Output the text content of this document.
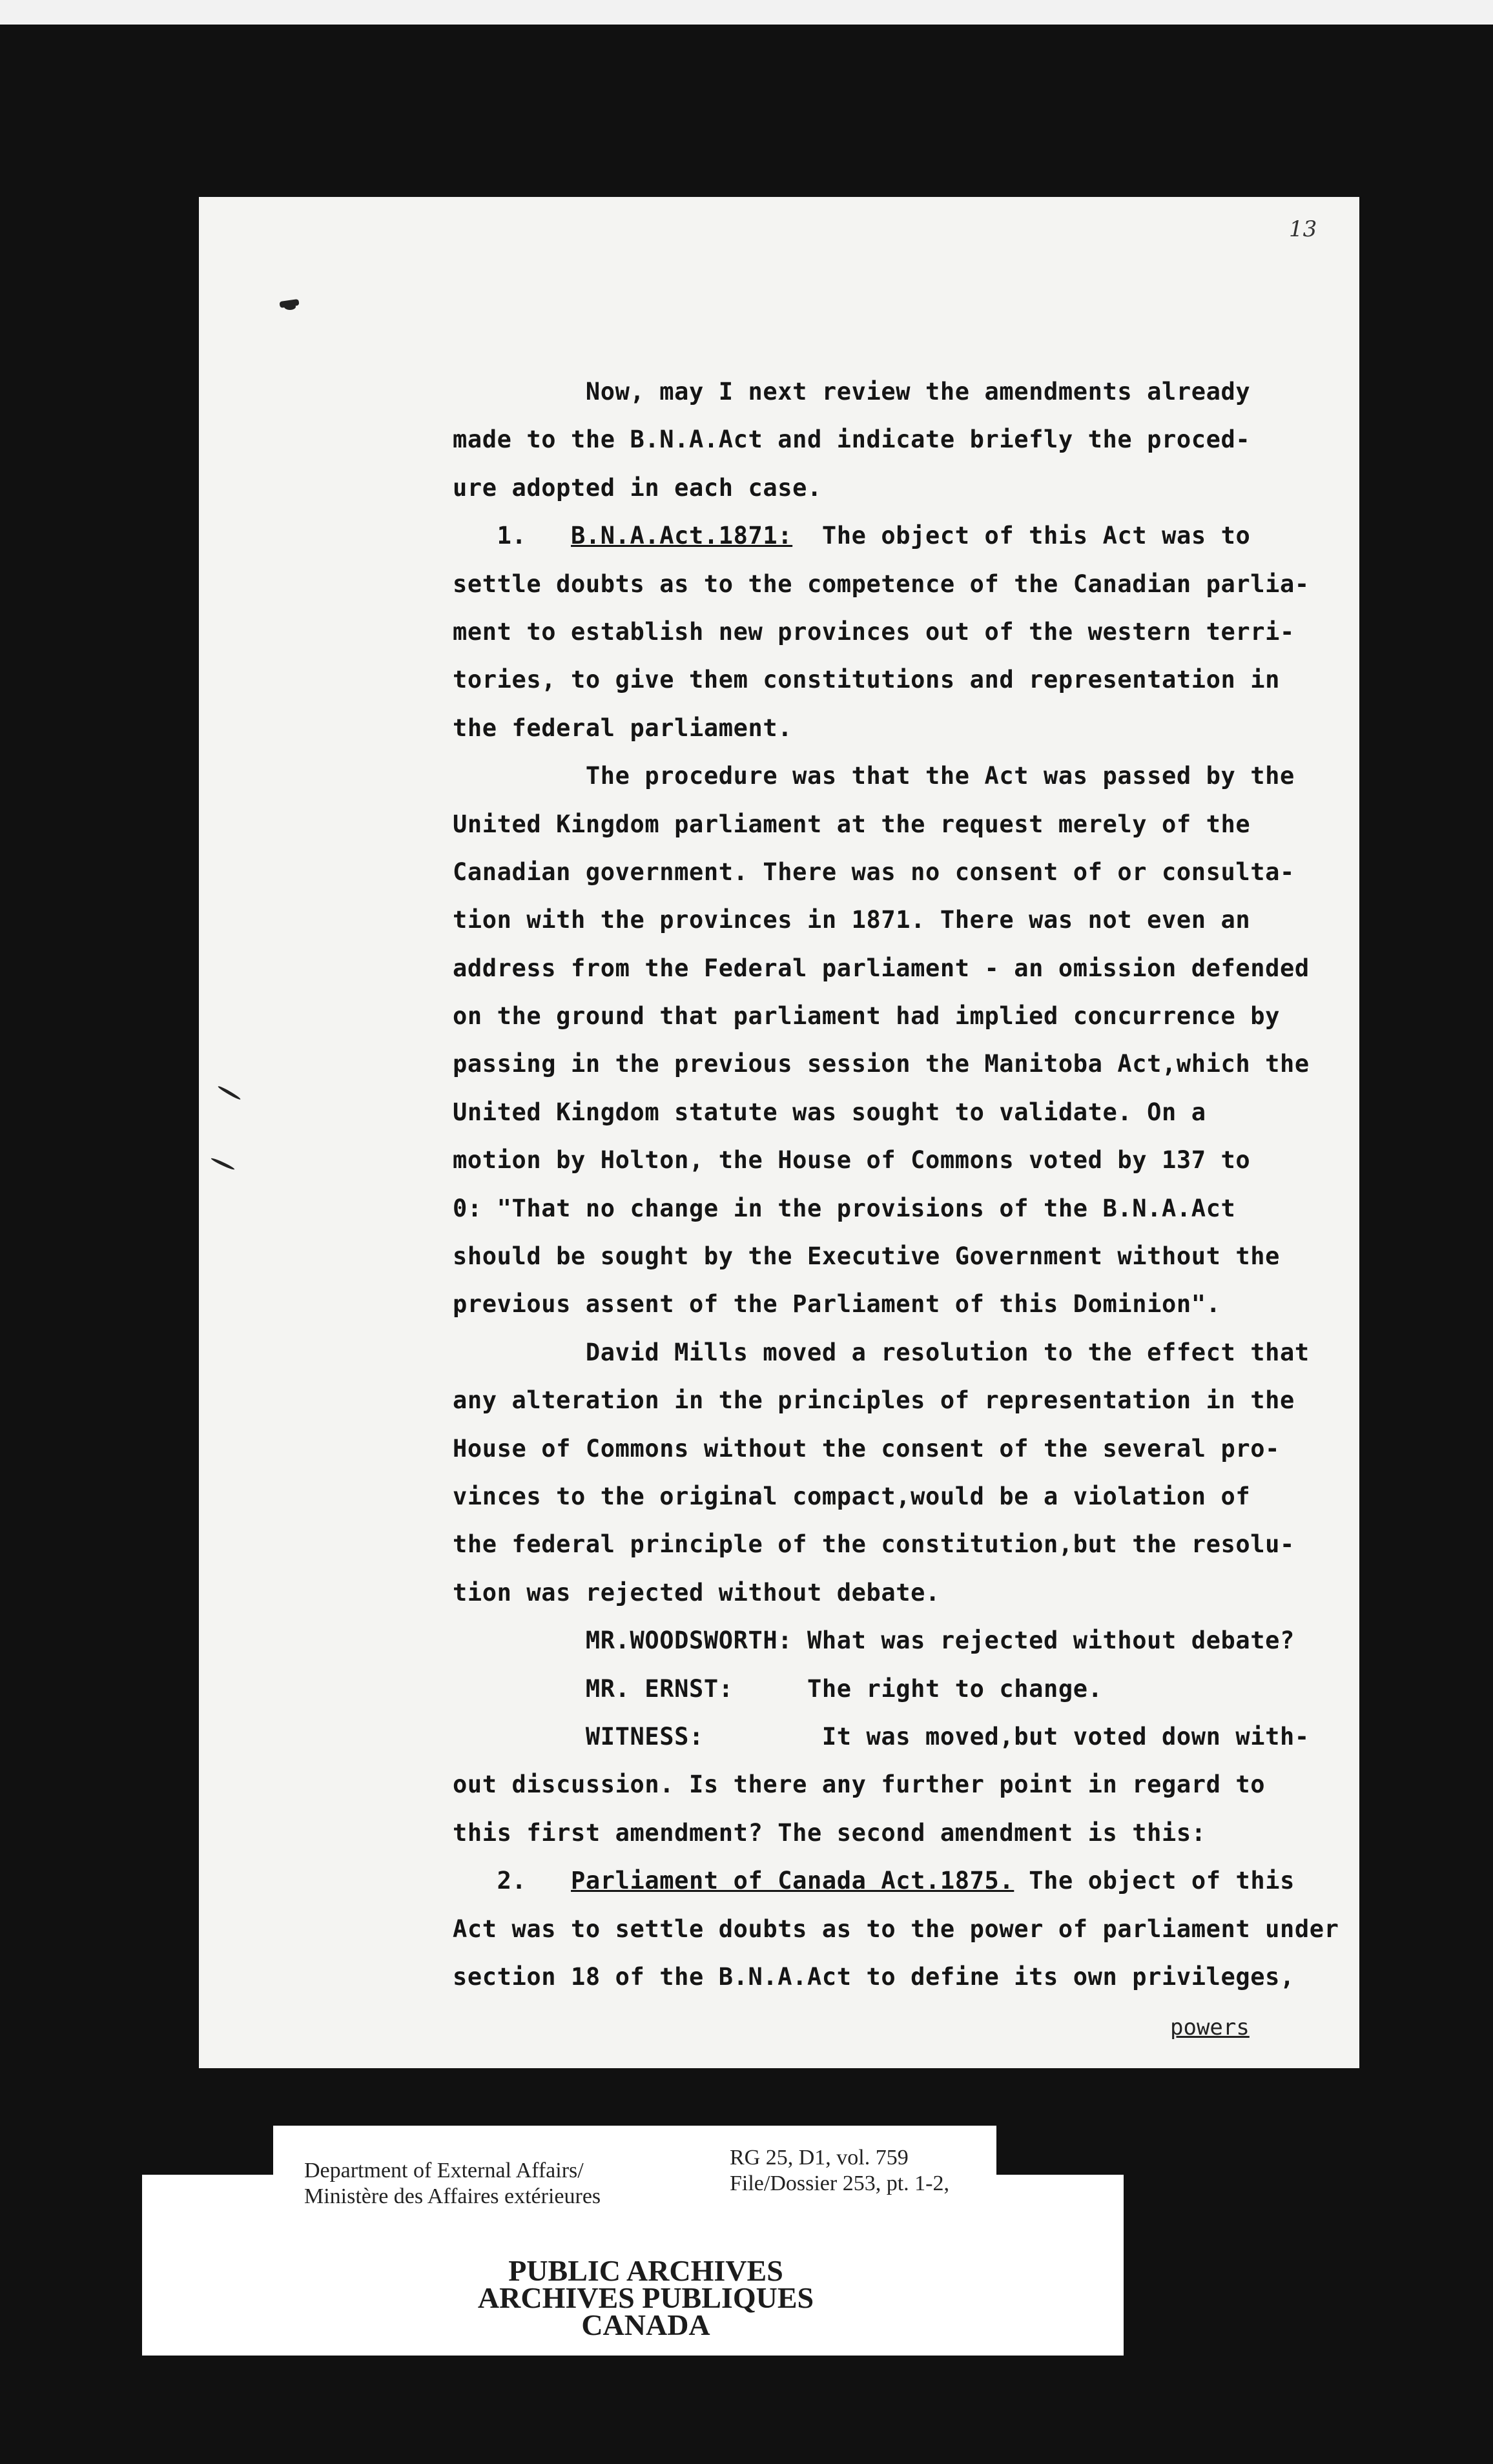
13
Now, may I next review the amendments already
made to the B.N.A.Act and indicate briefly the proced-
ure adopted in each case.
1.   B.N.A.Act.1871:  The object of this Act was to
settle doubts as to the competence of the Canadian parlia-
ment to establish new provinces out of the western terri-
tories, to give them constitutions and representation in
the federal parliament.
The procedure was that the Act was passed by the
United Kingdom parliament at the request merely of the
Canadian government. There was no consent of or consulta-
tion with the provinces in 1871. There was not even an
address from the Federal parliament - an omission defended
on the ground that parliament had implied concurrence by
passing in the previous session the Manitoba Act,which the
United Kingdom statute was sought to validate. On a
motion by Holton, the House of Commons voted by 137 to
0: "That no change in the provisions of the B.N.A.Act
should be sought by the Executive Government without the
previous assent of the Parliament of this Dominion".
David Mills moved a resolution to the effect that
any alteration in the principles of representation in the
House of Commons without the consent of the several pro-
vinces to the original compact,would be a violation of
the federal principle of the constitution,but the resolu-
tion was rejected without debate.
MR.WOODSWORTH: What was rejected without debate?
MR. ERNST:     The right to change.
WITNESS:        It was moved,but voted down with-
out discussion. Is there any further point in regard to
this first amendment? The second amendment is this:
2.   Parliament of Canada Act.1875. The object of this
Act was to settle doubts as to the power of parliament under
section 18 of the B.N.A.Act to define its own privileges,
powers
PUBLIC ARCHIVES
ARCHIVES PUBLIQUES
CANADA
Department of External Affairs/
Ministère des Affaires extérieures
RG 25, D1, vol. 759
File/Dossier 253, pt. 1-2,
